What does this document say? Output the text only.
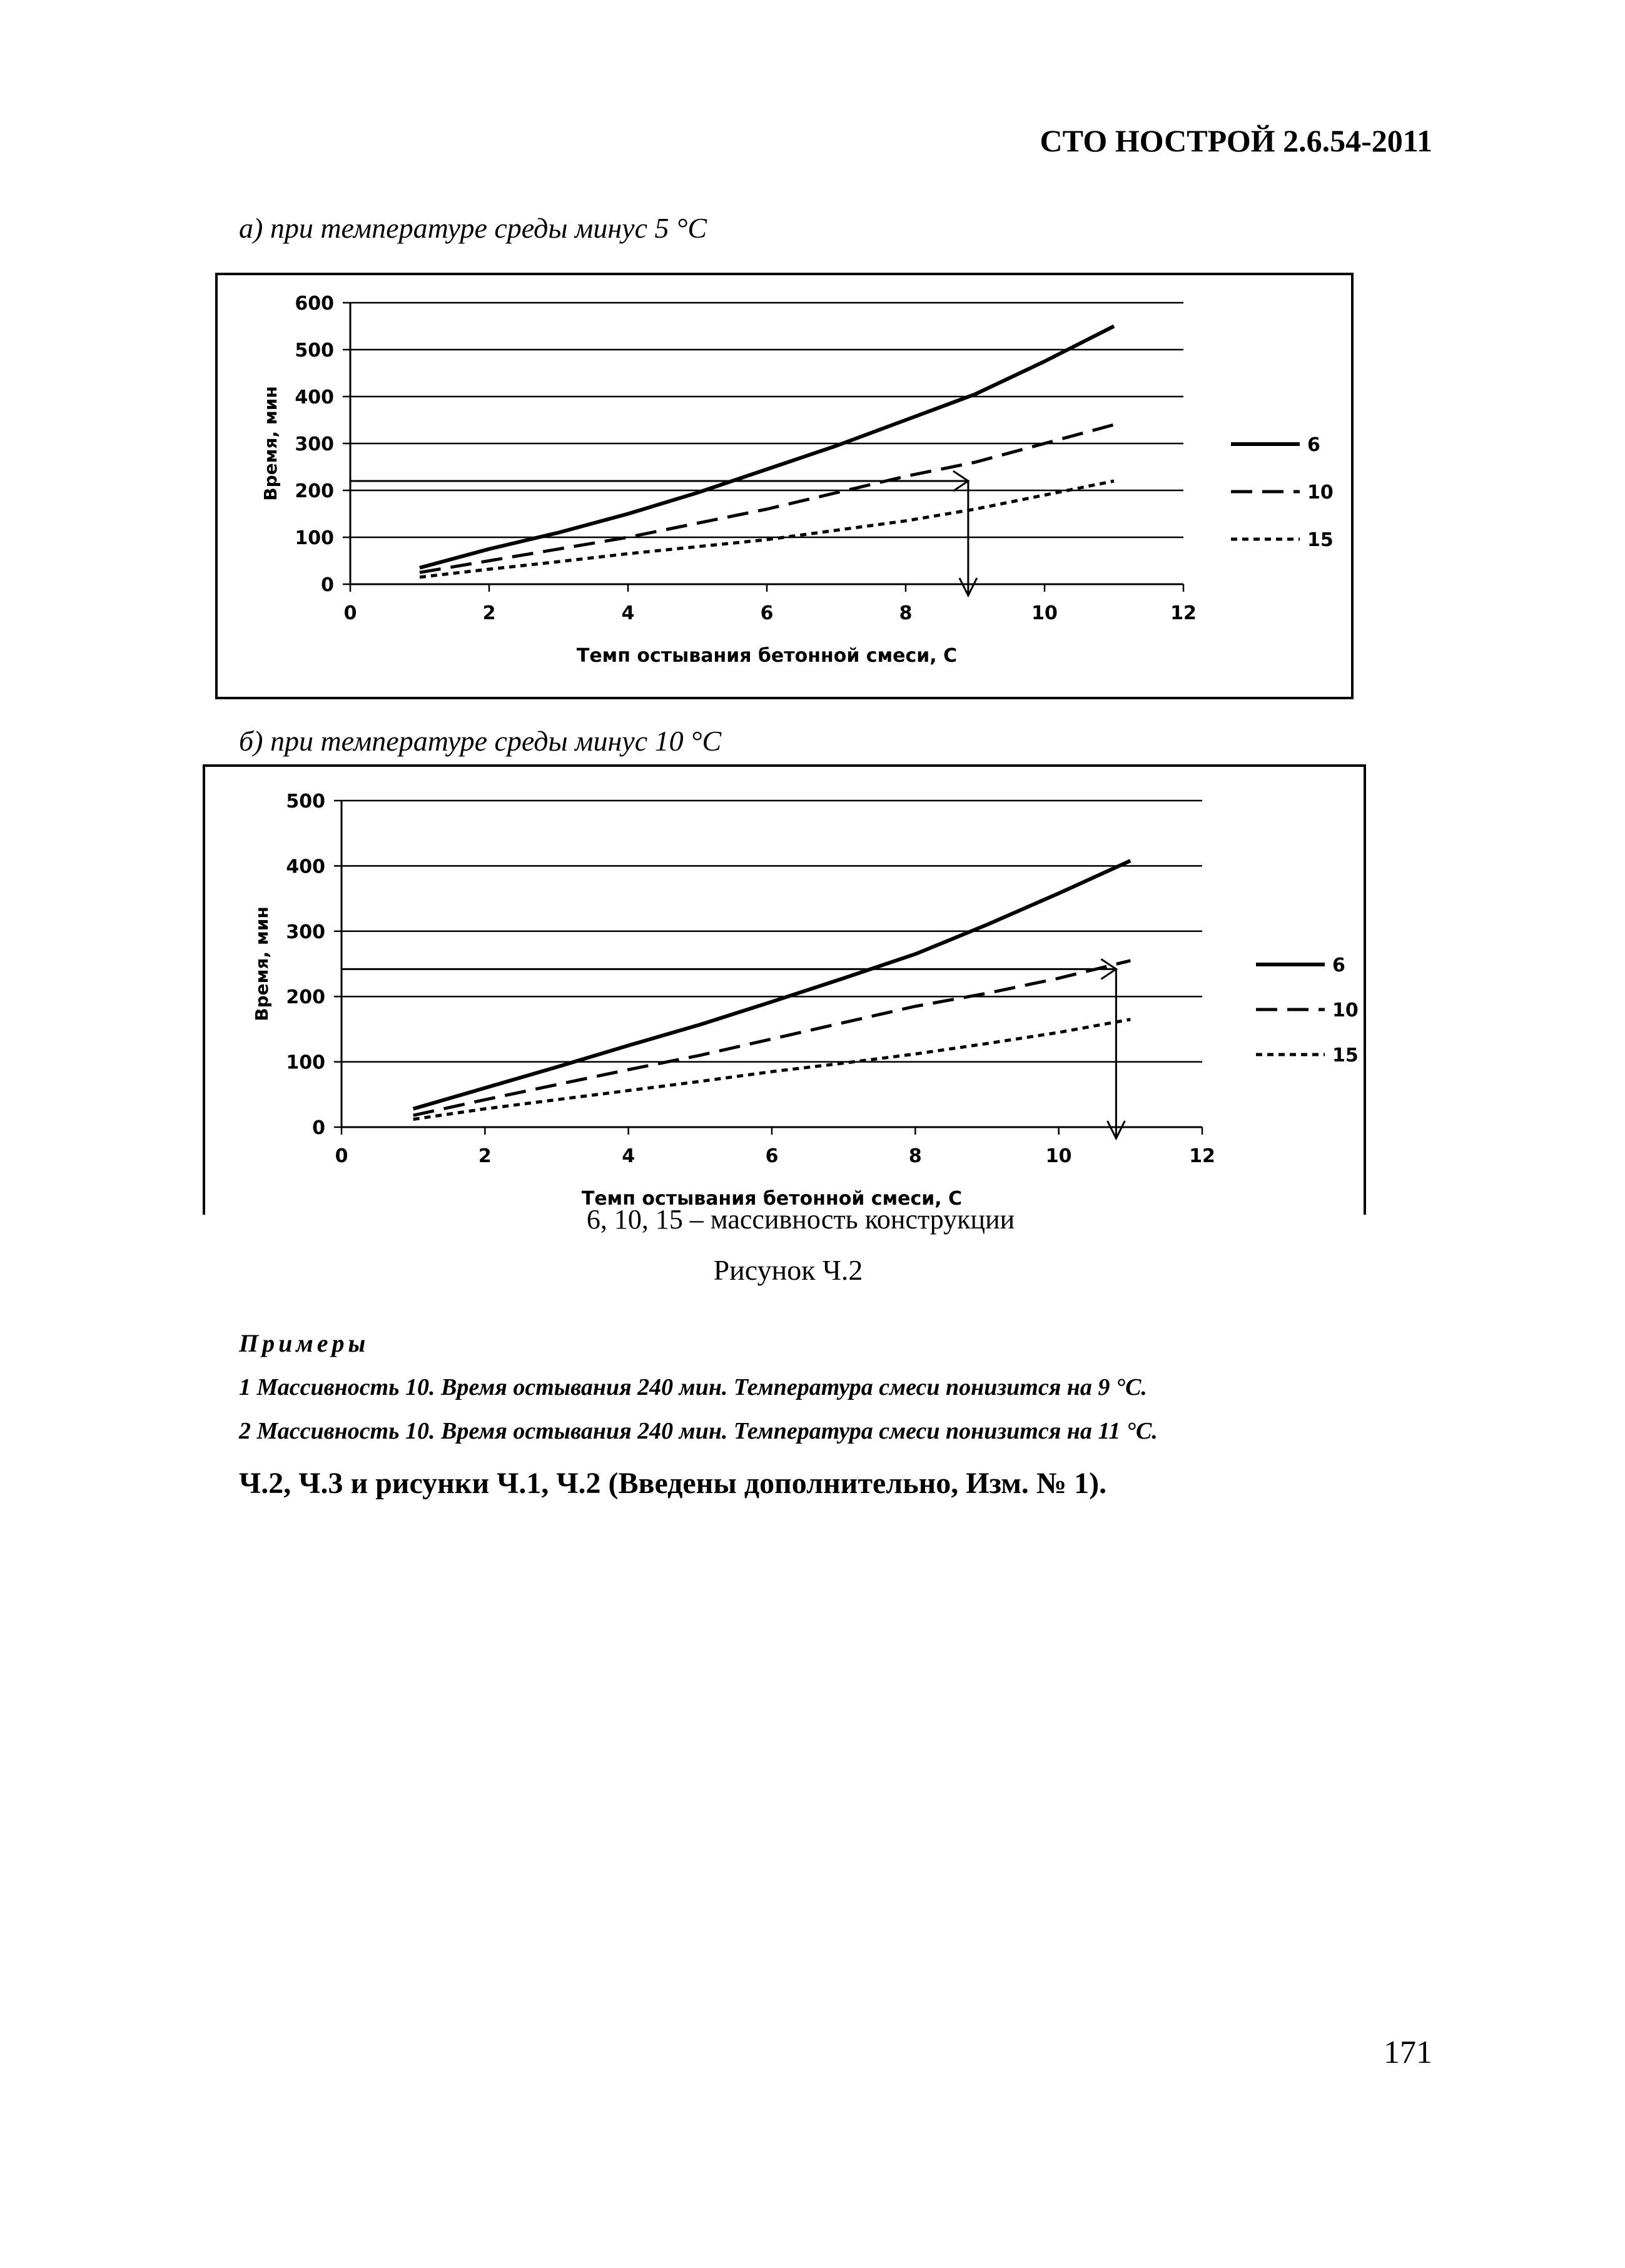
СТО НОСТРОЙ 2.6.54-2011
а) при температуре среды минус 5 °С
0
100
200
300
400
500
600
0	2	4	6	8	10	12
Темп остывания бетонной смеси, С
Время, мин	6
10
15
б) при температуре среды минус 10 °С
0
100
200
300
400
500
0	2	4	6	8	10	12
Темп остывания бетонной смеси, С
Время, мин	6
10
15
6, 10, 15 – массивность конструкции
Рисунок Ч.2
Примеры
1 Массивность 10. Время остывания 240 мин. Температура смеси понизится на 9 °С.
2 Массивность 10. Время остывания 240 мин. Температура смеси понизится на 11 °С.
Ч.2, Ч.3 и рисунки Ч.1, Ч.2 (Введены дополнительно, Изм. № 1).
171
